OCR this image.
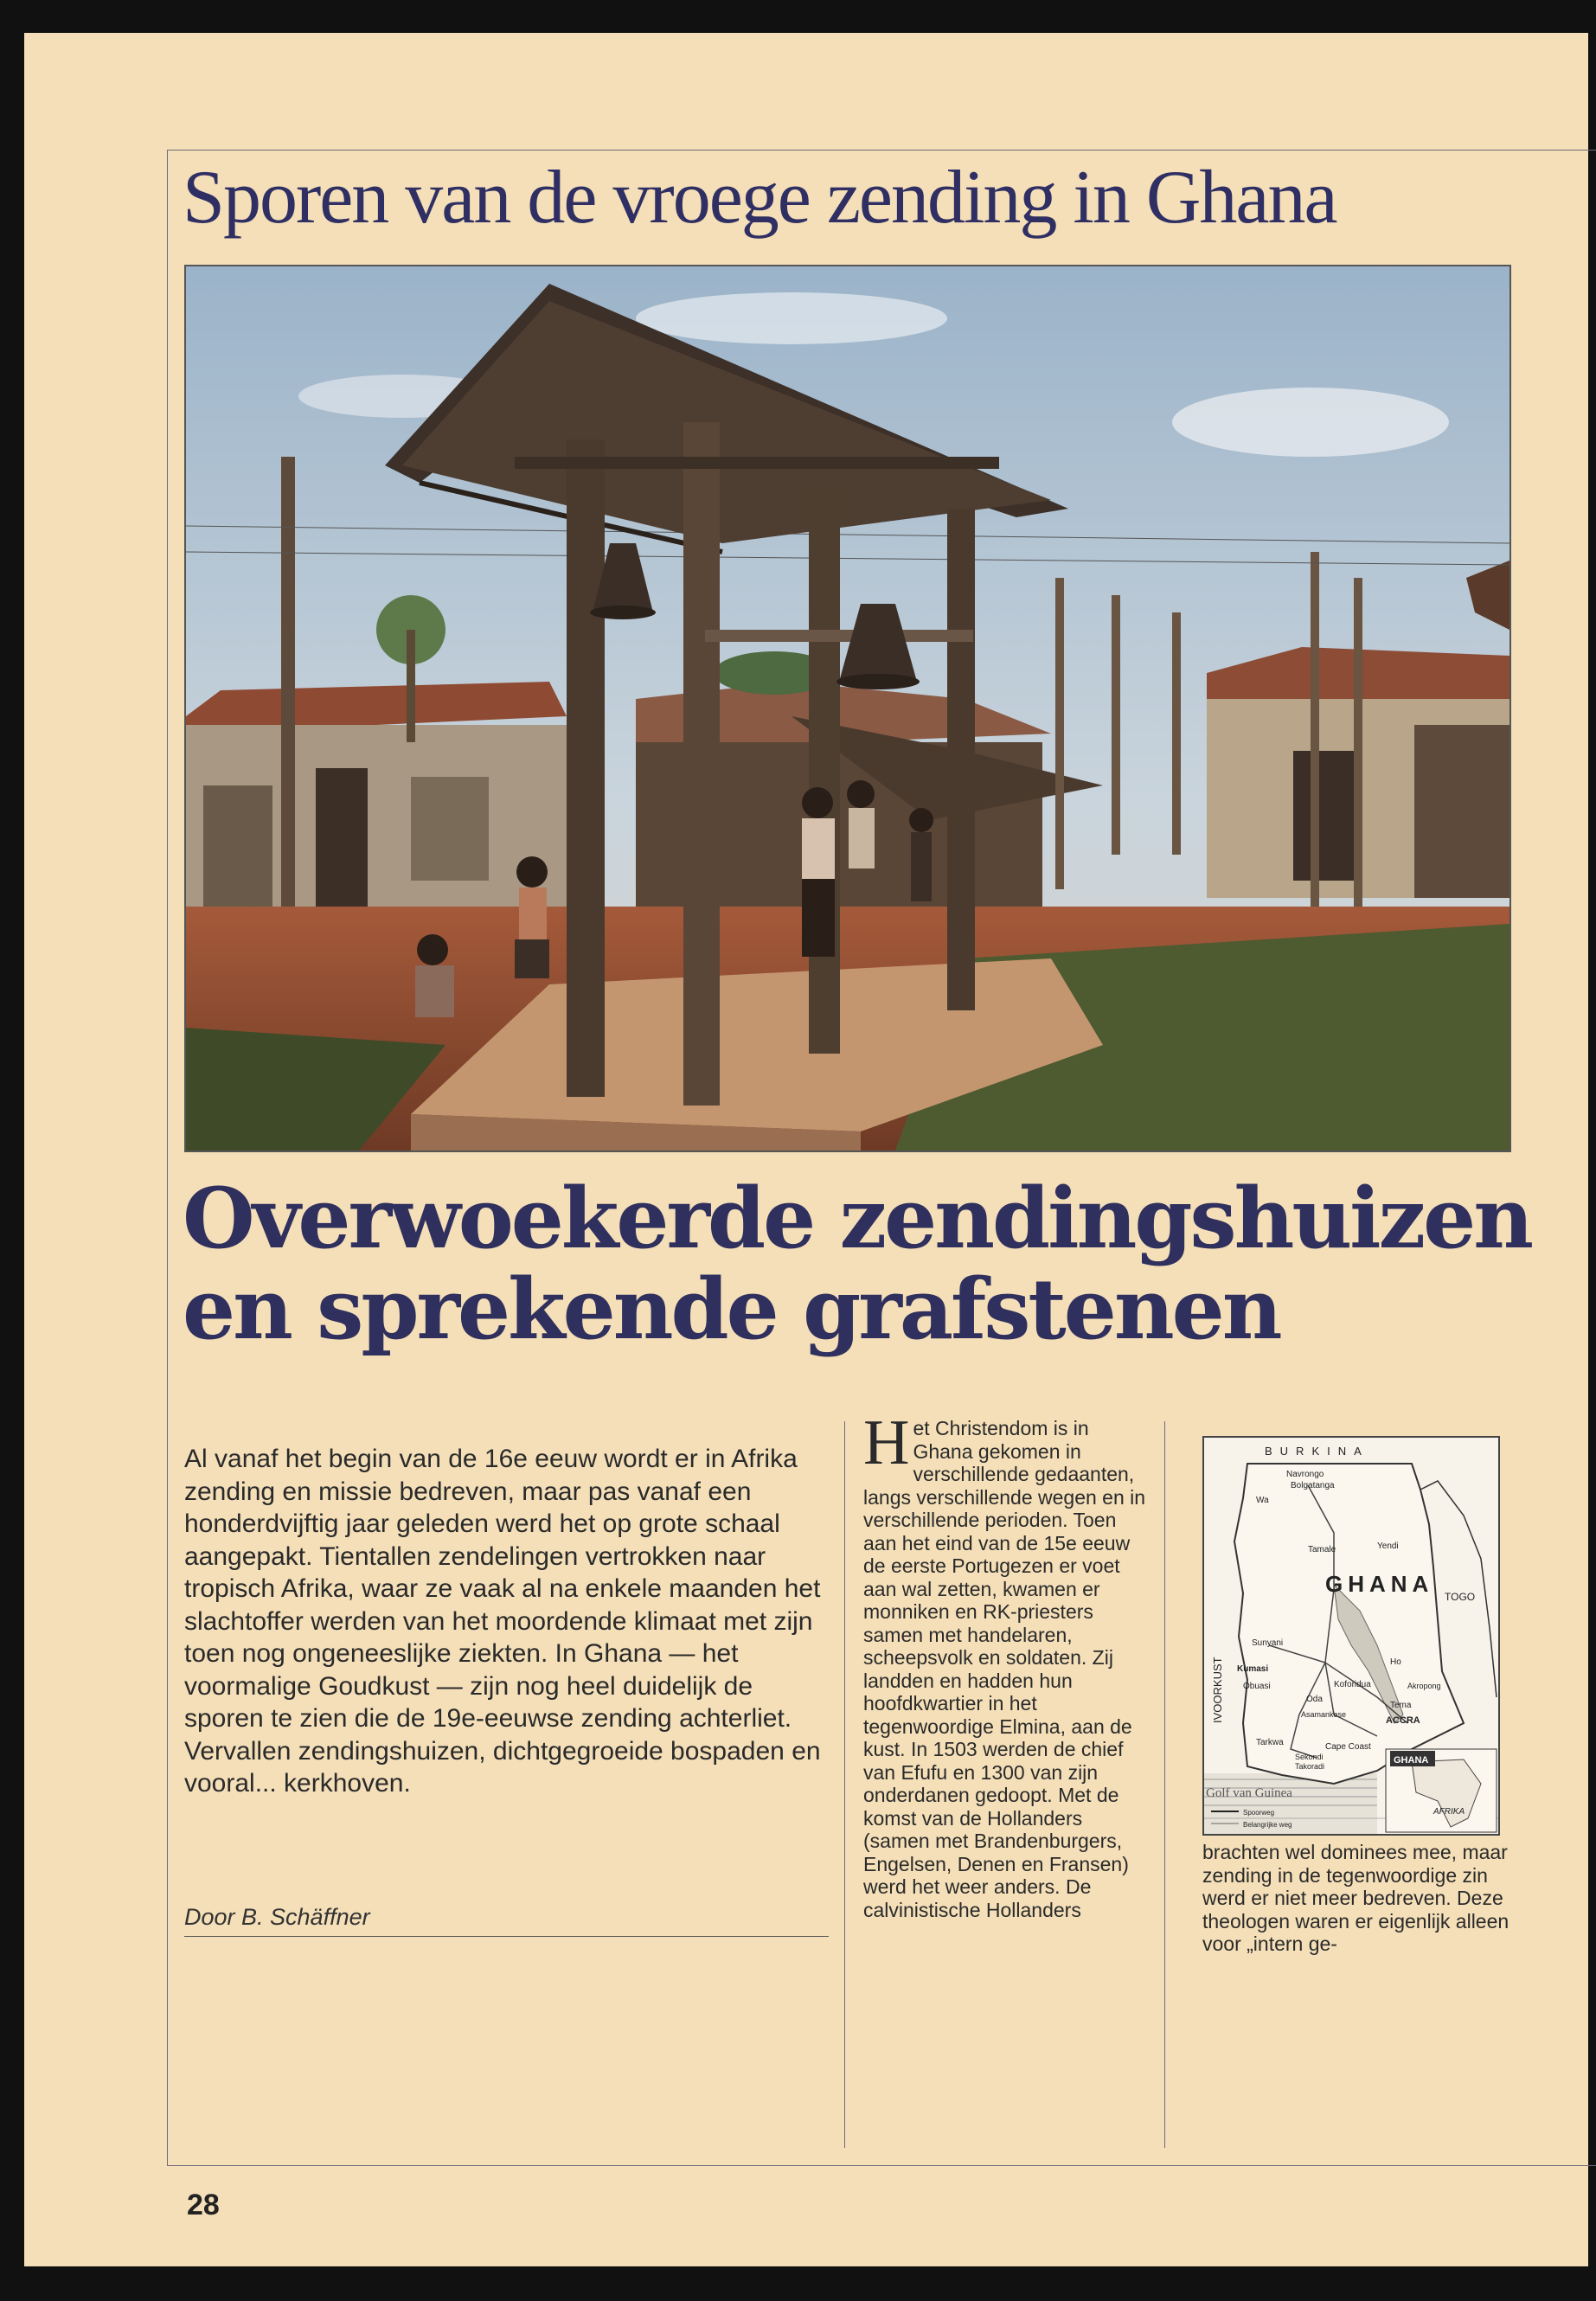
Sporen van de vroege zending in Ghana
Overwoekerde zendingshuizen
en sprekende grafstenen
Al vanaf het begin van de 16e eeuw wordt er in Afrika zending en missie bedreven, maar pas vanaf een honderdvijftig jaar geleden werd het op grote schaal aangepakt. Tientallen zendelingen vertrokken naar tropisch Afrika, waar ze vaak al na enkele maanden het slachtoffer werden van het moordende klimaat met zijn toen nog ongeneeslijke ziekten. In Ghana — het voormalige Goudkust — zijn nog heel duidelijk de sporen te zien die de 19e-eeuwse zending achterliet. Vervallen zendingshuizen, dichtgegroeide bospaden en vooral... kerkhoven.
Door B. Schäffner
H et Christendom is in Ghana gekomen in verschillende gedaanten, langs verschillende wegen en in verschillende perioden. Toen aan het eind van de 15e eeuw de eerste Portugezen er voet aan wal zetten, kwamen er monniken en RK-priesters samen met handelaren, scheepsvolk en soldaten. Zij landden en hadden hun hoofdkwartier in het tegenwoordige Elmina, aan de kust. In 1503 werden de chief van Efufu en 1300 van zijn onderdanen gedoopt. Met de komst van de Hollanders (samen met Brandenburgers, Engelsen, Denen en Fransen) werd het weer anders. De calvinistische Hollanders
BURKINA
GHANA TOGO
IVOORKUST
Golf van Guinea
Navrongo
Bolgatanga
Wa
Tamale	Yendi
Sunyani
Kumasi
Obuasi	Koforidua	Akropong
Ho
Oda
Tema
ACCRA
Asamankese
Tarkwa	Cape Coast
Sekondi
Takoradi
Spoorweg
Belangrijke weg
GHANA
AFRIKA
brachten wel dominees mee, maar zending in de tegenwoordige zin werd er niet meer bedreven. Deze theologen waren er eigenlijk alleen voor „intern ge-
28
